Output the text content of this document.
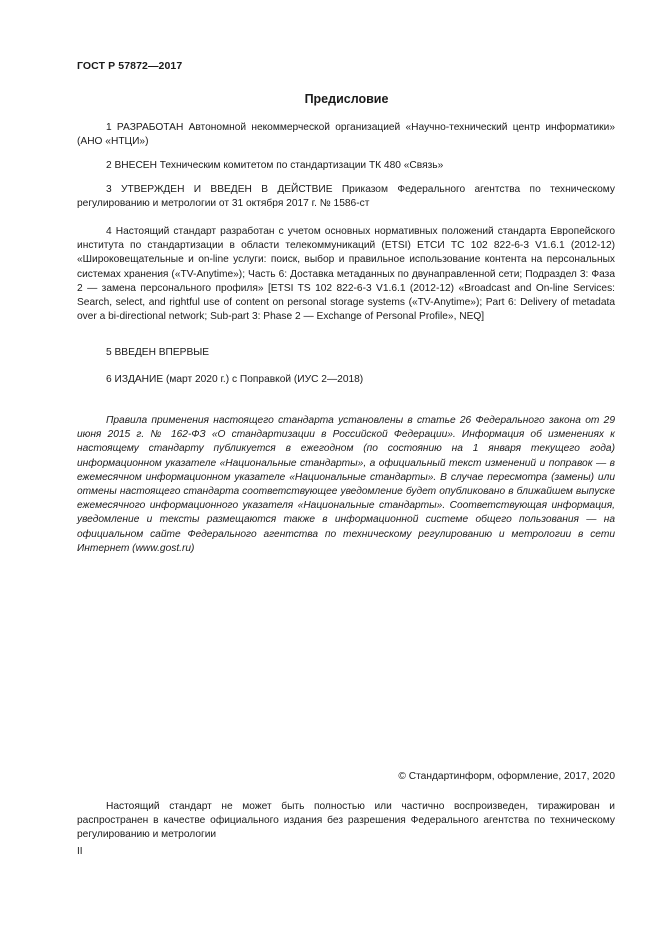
ГОСТ Р 57872—2017
Предисловие

1 РАЗРАБОТАН Автономной некоммерческой организацией «Научно-технический центр информатики» (АНО «НТЦИ»)

2 ВНЕСЕН Техническим комитетом по стандартизации ТК 480 «Связь»

3 УТВЕРЖДЕН И ВВЕДЕН В ДЕЙСТВИЕ Приказом Федерального агентства по техническому регулированию и метрологии от 31 октября 2017 г. № 1586-ст

4 Настоящий стандарт разработан с учетом основных нормативных положений стандарта Европейского института по стандартизации в области телекоммуникаций (ETSI) ЕТСИ ТС 102 822-6-3 V1.6.1 (2012-12) «Широковещательные и on-line услуги: поиск, выбор и правильное использование контента на персональных системах хранения («TV-Anytime»); Часть 6: Доставка метаданных по двунаправленной сети; Подраздел 3: Фаза 2 — замена персонального профиля» [ETSI TS 102 822-6-3 V1.6.1 (2012-12) «Broadcast and On-line Services: Search, select, and rightful use of content on personal storage systems («TV-Anytime»); Part 6: Delivery of metadata over a bi-directional network; Sub-part 3: Phase 2 — Exchange of Personal Profile», NEQ]

5 ВВЕДЕН ВПЕРВЫЕ

6 ИЗДАНИЕ (март 2020 г.) с Поправкой (ИУС 2—2018)

Правила применения настоящего стандарта установлены в статье 26 Федерального закона от 29 июня 2015 г. № 162-ФЗ «О стандартизации в Российской Федерации». Информация об изменениях к настоящему стандарту публикуется в ежегодном (по состоянию на 1 января текущего года) информационном указателе «Национальные стандарты», а официальный текст изменений и поправок — в ежемесячном информационном указателе «Национальные стандарты». В случае пересмотра (замены) или отмены настоящего стандарта соответствующее уведомление будет опубликовано в ближайшем выпуске ежемесячного информационного указателя «Национальные стандарты». Соответствующая информация, уведомление и тексты размещаются также в информационной системе общего пользования — на официальном сайте Федерального агентства по техническому регулированию и метрологии в сети Интернет (www.gost.ru)

© Стандартинформ, оформление, 2017, 2020

Настоящий стандарт не может быть полностью или частично воспроизведен, тиражирован и распространен в качестве официального издания без разрешения Федерального агентства по техническому регулированию и метрологии

II
